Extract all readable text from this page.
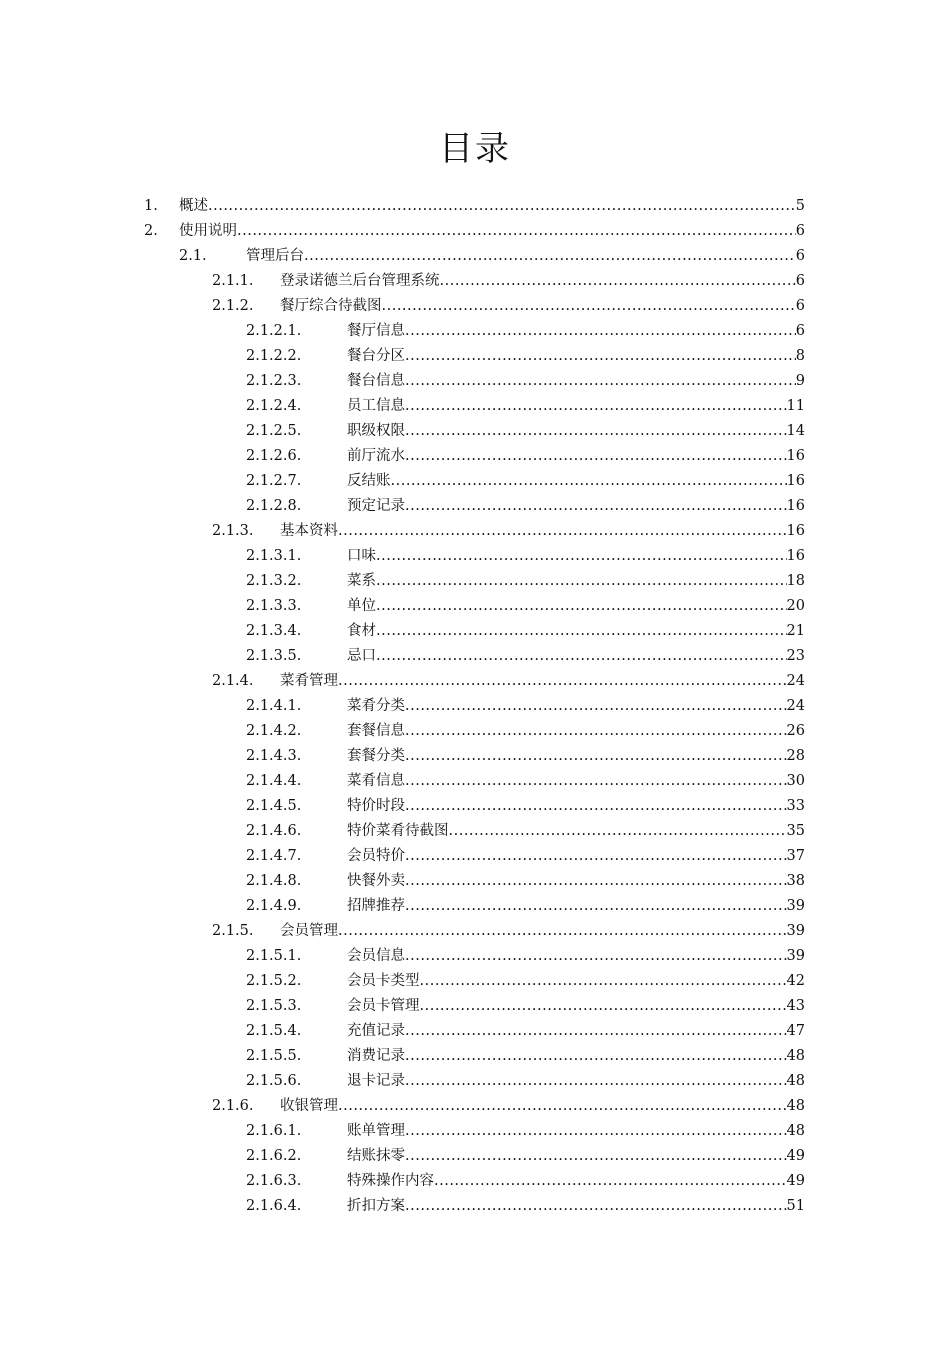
目录
1. 概述 .....	5
2. 使用说明 .....	6
2.1.	管理后台 .....	6
2.1.1. 登录诺德兰后台管理系统 .....	6
2.1.2. 餐厅综合待截图 .....	6
2.1.2.1.	餐厅信息 .....	6
2.1.2.2.	餐台分区 .....	8
2.1.2.3.	餐台信息 .....	9
2.1.2.4.	员工信息 .....	11
2.1.2.5.	职级权限 .....	14
2.1.2.6.	前厅流水 .....	16
2.1.2.7.	反结账 .....	16
2.1.2.8.	预定记录 .....	16
2.1.3. 基本资料 .....	16
2.1.3.1.	口味 .....	16
2.1.3.2.	菜系 .....	18
2.1.3.3.	单位 .....	20
2.1.3.4.	食材 .....	21
2.1.3.5.	忌口 .....	23
2.1.4. 菜肴管理 .....	24
2.1.4.1.	菜肴分类 .....	24
2.1.4.2.	套餐信息 .....	26
2.1.4.3.	套餐分类 .....	28
2.1.4.4.	菜肴信息 .....	30
2.1.4.5.	特价时段 .....	33
2.1.4.6.	特价菜肴待截图 .....	35
2.1.4.7.	会员特价 .....	37
2.1.4.8.	快餐外卖 .....	38
2.1.4.9.	招牌推荐 .....	39
2.1.5. 会员管理 .....	39
2.1.5.1.	会员信息 .....	39
2.1.5.2.	会员卡类型 .....	42
2.1.5.3.	会员卡管理 .....	43
2.1.5.4.	充值记录 .....	47
2.1.5.5.	消费记录 .....	48
2.1.5.6.	退卡记录 .....	48
2.1.6. 收银管理 .....	48
2.1.6.1.	账单管理 .....	48
2.1.6.2.	结账抹零 .....	49
2.1.6.3.	特殊操作内容 .....	49
2.1.6.4.	折扣方案 .....	51
